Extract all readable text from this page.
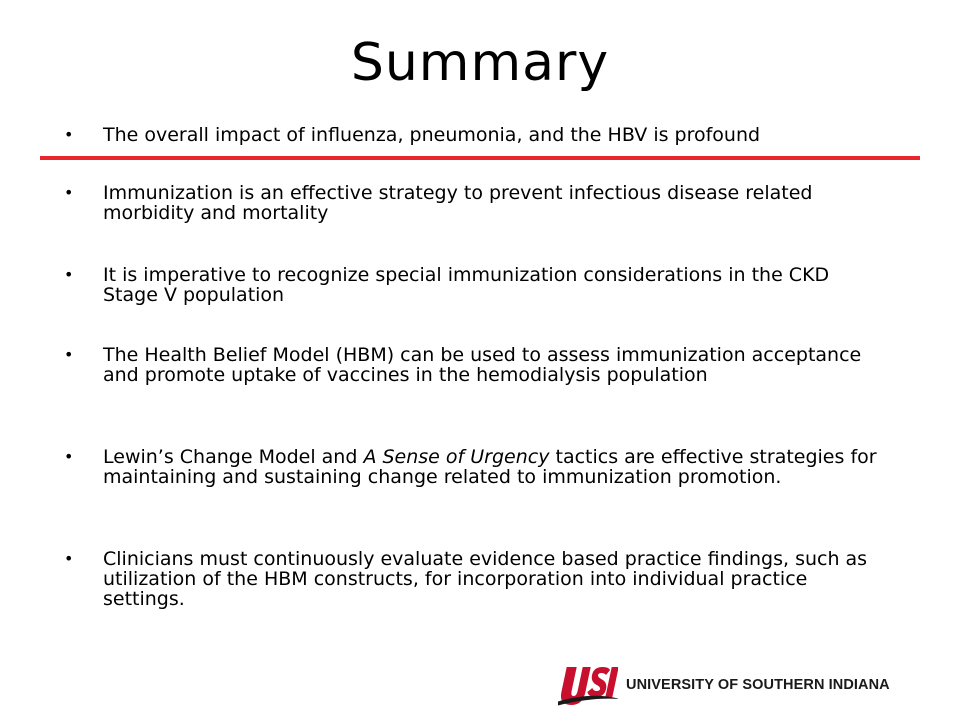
Summary
•	The overall impact of influenza, pneumonia, and the HBV is profound
•	Immunization is an effective strategy to prevent infectious disease related morbidity and mortality
•	It is imperative to recognize special immunization considerations in the CKD Stage V population
•	The Health Belief Model (HBM) can be used to assess immunization acceptance and promote uptake of vaccines in the hemodialysis population
•	Lewin’s Change Model and A Sense of Urgency tactics are effective strategies for maintaining and sustaining change related to immunization promotion.
•	Clinicians must continuously evaluate evidence based practice findings, such as utilization of the HBM constructs, for incorporation into individual practice settings.
UNIVERSITY OF SOUTHERN INDIANA
